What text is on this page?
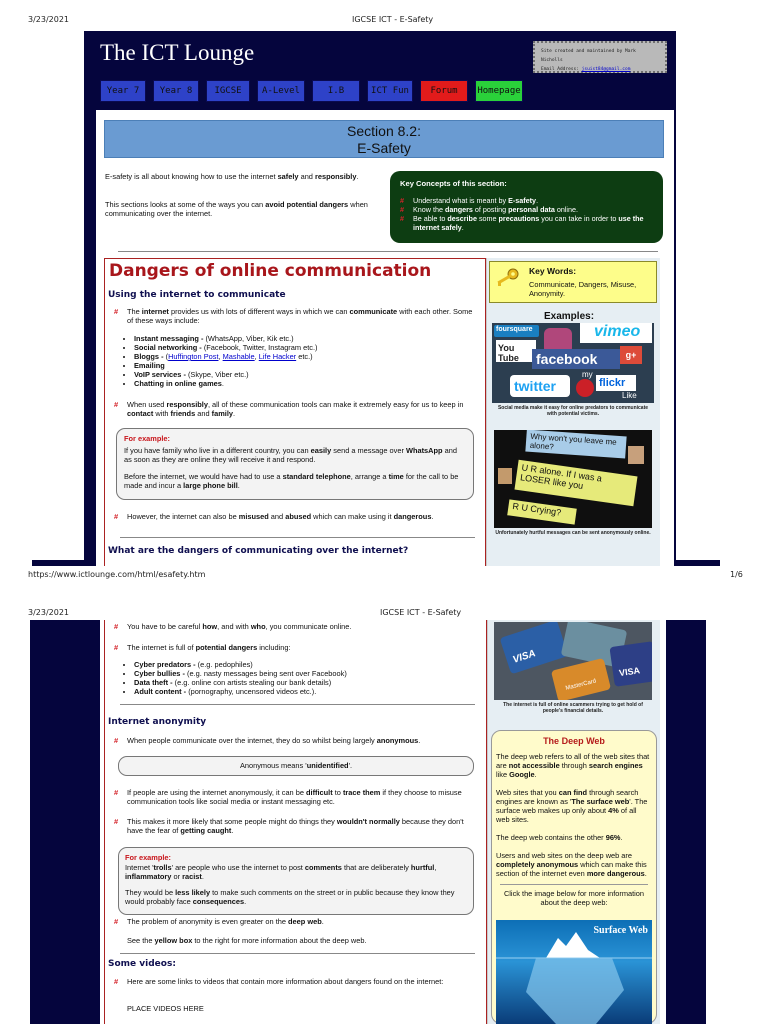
3/23/2021	IGCSE ICT - E-Safety
The ICT Lounge	Site created and maintained by Mark Nicholls
Email Address: jsuist84@gmail.com
Year 7	Year 8	IGCSE	A-Level	I.B	ICT Fun	Forum	Homepage
Section 8.2:
E-Safety
E-safety is all about knowing how to use the internet safely and responsibly.
This sections looks at some of the ways you can avoid potential dangers when communicating over the internet.
Key Concepts of this section:
#	Understand what is meant by E-safety.
#	Know the dangers of posting personal data online.
#	Be able to describe some precautions you can take in order to use the internet safely.
Dangers of online communication
Using the internet to communicate
#	The internet provides us with lots of different ways in which we can communicate with each other. Some of these ways include:
• Instant messaging - (WhatsApp, Viber, Kik etc.)
• Social networking - (Facebook, Twitter, Instagram etc.)
• Bloggs - (Huffington Post, Mashable, Life Hacker etc.)
• Emailing
• VoIP services - (Skype, Viber etc.)
• Chatting in online games.
#	When used responsibly, all of these communication tools can make it extremely easy for us to keep in contact with friends and family.
For example:
If you have family who live in a different country, you can easily send a message over WhatsApp and as soon as they are online they will receive it and respond.
Before the internet, we would have had to use a standard telephone, arrange a time for the call to be made and incur a large phone bill.
#	However, the internet can also be misused and abused which can make using it dangerous.
What are the dangers of communicating over the internet?
Key Words:
Communicate, Dangers, Misuse, Anonymity.
Examples:
foursquare
You Tube
vimeo
g+
facebook
my
twitter	flickr
Like
Social media make it easy for online predators to communicate with potential victims.
Why won't you leave me alone?
U R alone. If I was a LOSER like you
R U Crying?
Unfortunately hurtful messages can be sent anonymously online.
https://www.ictlounge.com/html/esafety.htm	1/6
3/23/2021	IGCSE ICT - E-Safety
#	You have to be careful how, and with who, you communicate online.
#	The internet is full of potential dangers including:
• Cyber predators - (e.g. pedophiles)
• Cyber bullies - (e.g. nasty messages being sent over Facebook)
• Data theft - (e.g. online con artists stealing our bank details)
• Adult content - (pornography, uncensored videos etc.).
Internet anonymity
#	When people communicate over the internet, they do so whilst being largely anonymous.
Anonymous means 'unidentified'.
#	If people are using the internet anonymously, it can be difficult to trace them if they choose to misuse communication tools like social media or instant messaging etc.
#	This makes it more likely that some people might do things they wouldn't normally because they don't have the fear of getting caught.
For example:
Internet 'trolls' are people who use the internet to post comments that are deliberately hurtful, inflammatory or racist.
They would be less likely to make such comments on the street or in public because they know they would probably face consequences.
#	The problem of anonymity is even greater on the deep web.
See the yellow box to the right for more information about the deep web.
Some videos:
#	Here are some links to videos that contain more information about dangers found on the internet:
PLACE VIDEOS HERE
VISA
VISA
MasterCard
The internet is full of online scammers trying to get hold of people's financial details.
The Deep Web
The deep web refers to all of the web sites that are not accessible through search engines like Google.
Web sites that you can find through search engines are known as 'The surface web'. The surface web makes up only about 4% of all web sites.
The deep web contains the other 96%.
Users and web sites on the deep web are completely anonymous which can make this section of the internet even more dangerous.
Click the image below for more information about the deep web:
Surface Web
